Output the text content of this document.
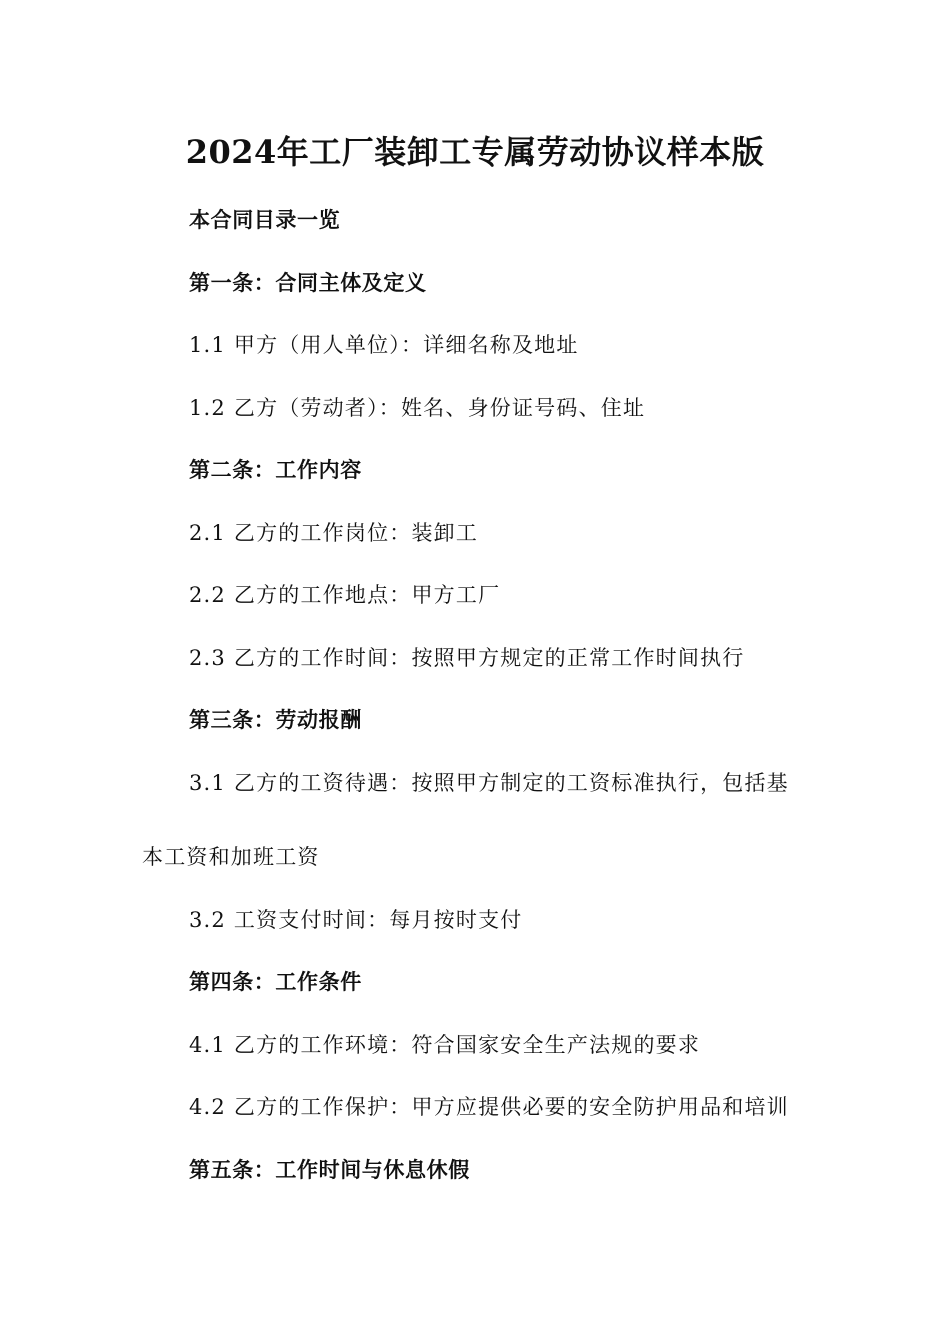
2024年工厂装卸工专属劳动协议样本版
本合同目录一览
第一条：合同主体及定义
1.1 甲方（用人单位）：详细名称及地址
1.2 乙方（劳动者）：姓名、身份证号码、住址
第二条：工作内容
2.1 乙方的工作岗位：装卸工
2.2 乙方的工作地点：甲方工厂
2.3 乙方的工作时间：按照甲方规定的正常工作时间执行
第三条：劳动报酬
3.1 乙方的工资待遇：按照甲方制定的工资标准执行，包括基
本工资和加班工资
3.2 工资支付时间：每月按时支付
第四条：工作条件
4.1 乙方的工作环境：符合国家安全生产法规的要求
4.2 乙方的工作保护：甲方应提供必要的安全防护用品和培训
第五条：工作时间与休息休假
